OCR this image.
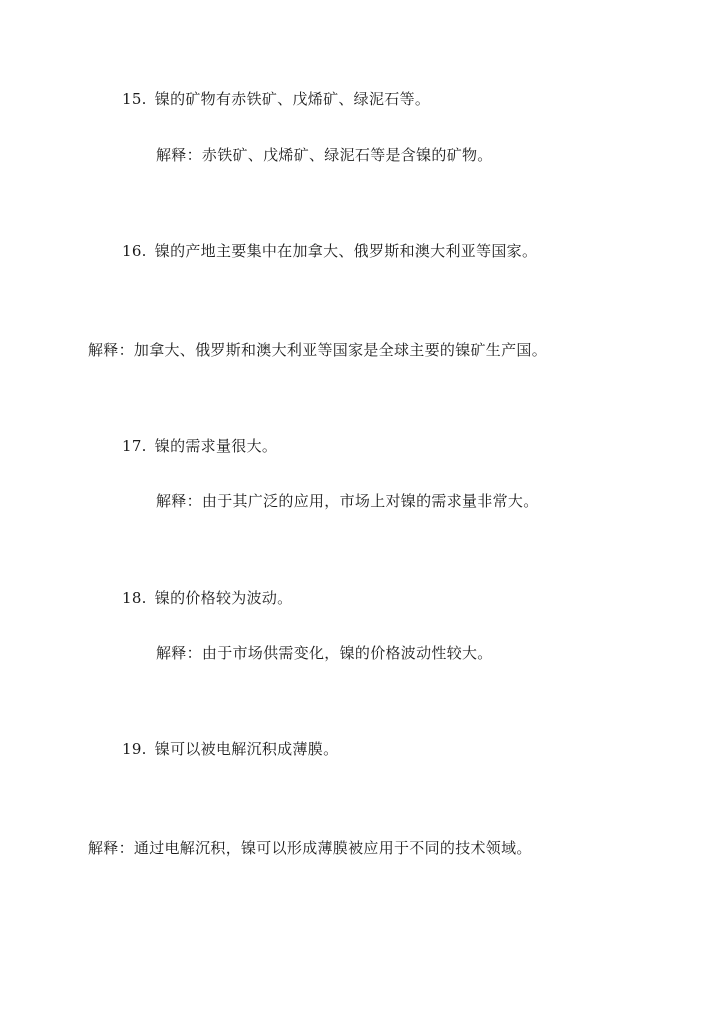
15. 镍的矿物有赤铁矿、戊烯矿、绿泥石等。
解释：赤铁矿、戊烯矿、绿泥石等是含镍的矿物。
16. 镍的产地主要集中在加拿大、俄罗斯和澳大利亚等国家。
解释：加拿大、俄罗斯和澳大利亚等国家是全球主要的镍矿生产国。
17. 镍的需求量很大。
解释：由于其广泛的应用，市场上对镍的需求量非常大。
18. 镍的价格较为波动。
解释：由于市场供需变化，镍的价格波动性较大。
19. 镍可以被电解沉积成薄膜。
解释：通过电解沉积，镍可以形成薄膜被应用于不同的技术领域。
